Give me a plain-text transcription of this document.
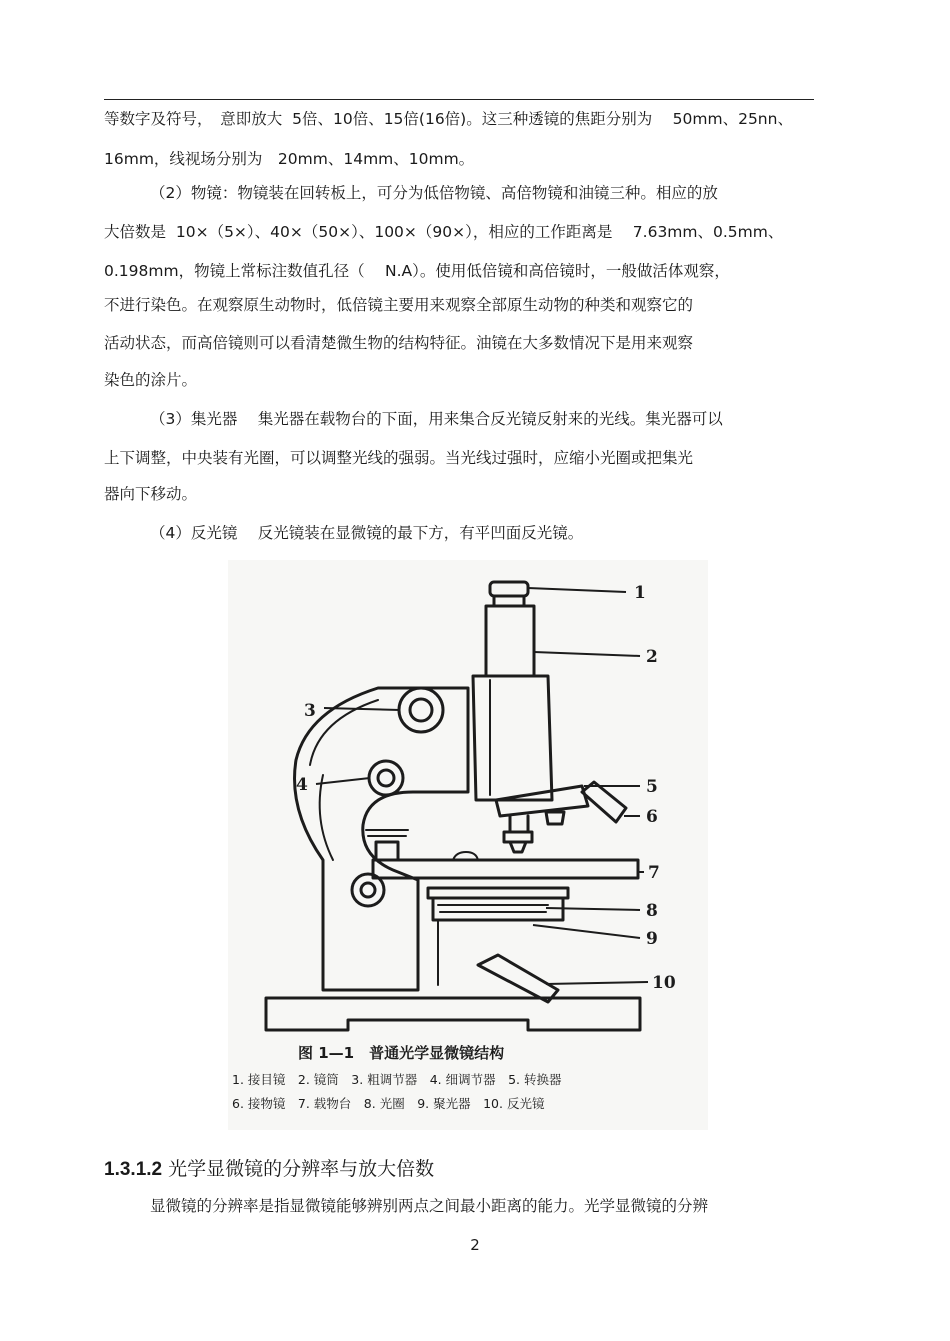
等数字及符号，　意即放大  5倍、10倍、15倍(16倍)。这三种透镜的焦距分别为　 50mm、25nn、
16mm，线视场分别为　20mm、14mm、10mm。
（2）物镜：物镜装在回转板上，可分为低倍物镜、高倍物镜和油镜三种。相应的放
大倍数是  10×（5×）、40×（50×）、100×（90×），相应的工作距离是　 7.63mm、0.5mm、
0.198mm，物镜上常标注数值孔径（　 N.A）。使用低倍镜和高倍镜时，一般做活体观察，
不进行染色。在观察原生动物时，低倍镜主要用来观察全部原生动物的种类和观察它的
活动状态，而高倍镜则可以看清楚微生物的结构特征。油镜在大多数情况下是用来观察
染色的涂片。
（3）集光器　 集光器在载物台的下面，用来集合反光镜反射来的光线。集光器可以
上下调整，中央装有光圈，可以调整光线的强弱。当光线过强时，应缩小光圈或把集光
器向下移动。
（4）反光镜　 反光镜装在显微镜的最下方，有平凹面反光镜。
1
2
3
4	5
6
7
8
9
10
图 1—1　普通光学显微镜结构
1. 接目镜　2. 镜筒　3. 粗调节器　4. 细调节器　5. 转换器
6. 接物镜　7. 载物台　8. 光圈　9. 聚光器　10. 反光镜
1.3.1.2 光学显微镜的分辨率与放大倍数
显微镜的分辨率是指显微镜能够辨别两点之间最小距离的能力。光学显微镜的分辨
2
